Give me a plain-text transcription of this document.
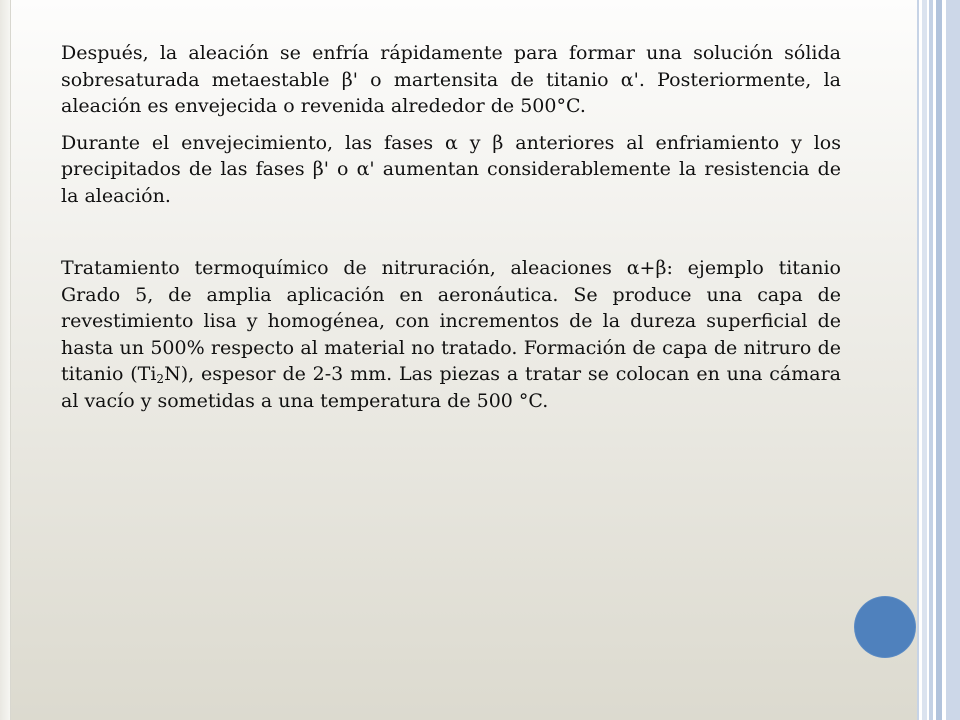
Después, la aleación se enfría rápidamente para formar una solución sólida sobresaturada metaestable β' o martensita de titanio α'. Posteriormente, la aleación es envejecida o revenida alrededor de 500°C.

Durante el envejecimiento, las fases α y β anteriores al enfriamiento y los precipitados de las fases β' o α' aumentan considerablemente la resistencia de la aleación.

Tratamiento termoquímico de nitruración, aleaciones α+β: ejemplo titanio Grado 5, de amplia aplicación en aeronáutica. Se produce una capa de revestimiento lisa y homogénea, con incrementos de la dureza superficial de hasta un 500% respecto al material no tratado. Formación de capa de nitruro de titanio $(Ti_2N)$, espesor de 2-3 mm. Las piezas a tratar se colocan en una cámara al vacío y sometidas a una temperatura de 500 °C.
